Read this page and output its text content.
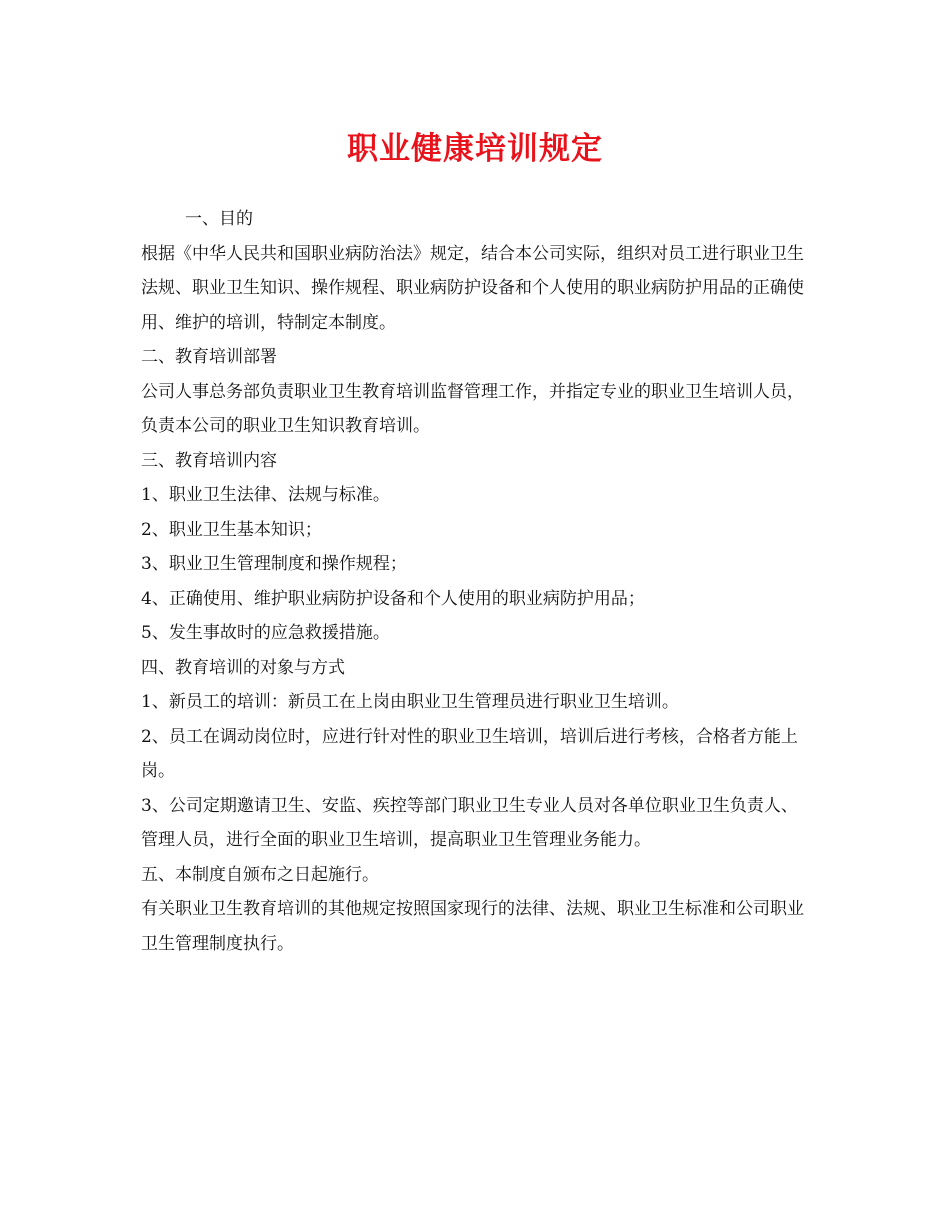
职业健康培训规定

一、目的

根据《中华人民共和国职业病防治法》规定，结合本公司实际，组织对员工进行职业卫生法规、职业卫生知识、操作规程、职业病防护设备和个人使用的职业病防护用品的正确使用、维护的培训，特制定本制度。

二、教育培训部署

公司人事总务部负责职业卫生教育培训监督管理工作，并指定专业的职业卫生培训人员，负责本公司的职业卫生知识教育培训。

三、教育培训内容

1、职业卫生法律、法规与标准。

2、职业卫生基本知识；

3、职业卫生管理制度和操作规程；

4、正确使用、维护职业病防护设备和个人使用的职业病防护用品；

5、发生事故时的应急救援措施。

四、教育培训的对象与方式

1、新员工的培训：新员工在上岗由职业卫生管理员进行职业卫生培训。

2、员工在调动岗位时，应进行针对性的职业卫生培训，培训后进行考核，合格者方能上岗。

3、公司定期邀请卫生、安监、疾控等部门职业卫生专业人员对各单位职业卫生负责人、管理人员，进行全面的职业卫生培训，提高职业卫生管理业务能力。

五、本制度自颁布之日起施行。

有关职业卫生教育培训的其他规定按照国家现行的法律、法规、职业卫生标准和公司职业卫生管理制度执行。
